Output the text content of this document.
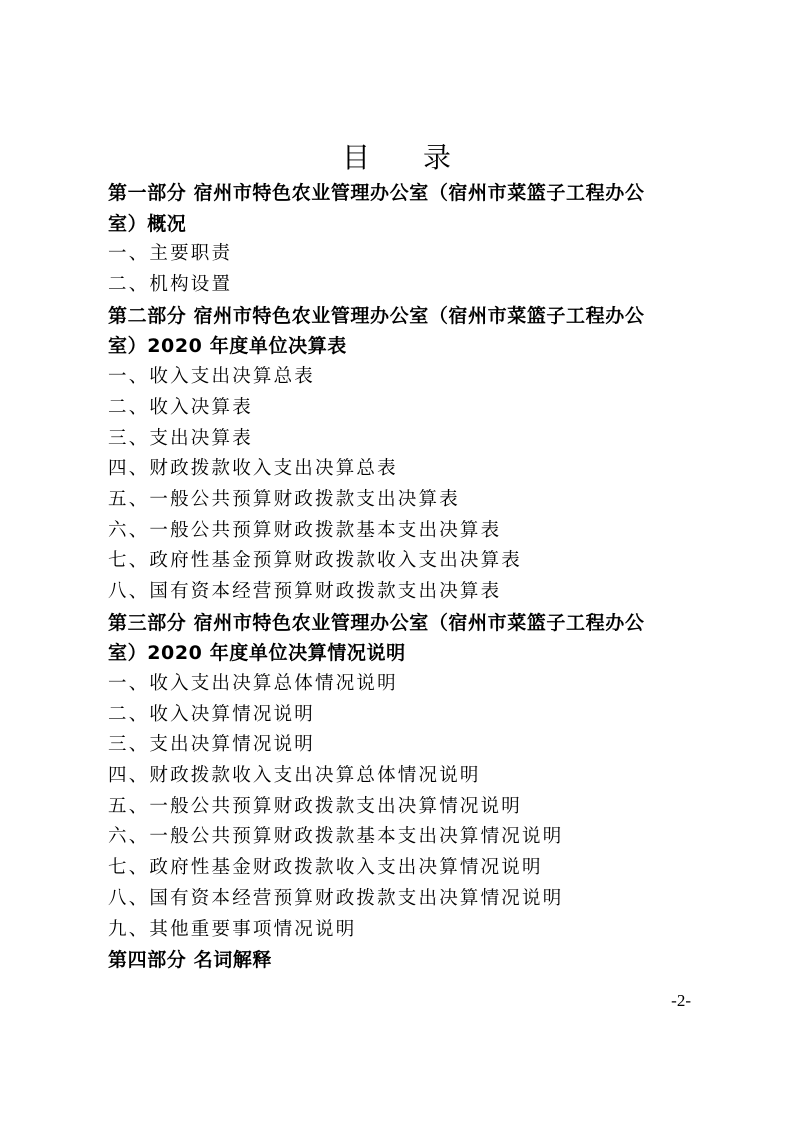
目 录
第一部分 宿州市特色农业管理办公室（宿州市菜篮子工程办公
室）概况
一、主要职责
二、机构设置
第二部分 宿州市特色农业管理办公室（宿州市菜篮子工程办公
室）2020 年度单位决算表
一、收入支出决算总表
二、收入决算表
三、支出决算表
四、财政拨款收入支出决算总表
五、一般公共预算财政拨款支出决算表
六、一般公共预算财政拨款基本支出决算表
七、政府性基金预算财政拨款收入支出决算表
八、国有资本经营预算财政拨款支出决算表
第三部分 宿州市特色农业管理办公室（宿州市菜篮子工程办公
室）2020 年度单位决算情况说明
一、收入支出决算总体情况说明
二、收入决算情况说明
三、支出决算情况说明
四、财政拨款收入支出决算总体情况说明
五、一般公共预算财政拨款支出决算情况说明
六、一般公共预算财政拨款基本支出决算情况说明
七、政府性基金财政拨款收入支出决算情况说明
八、国有资本经营预算财政拨款支出决算情况说明
九、其他重要事项情况说明
第四部分 名词解释
-2-
